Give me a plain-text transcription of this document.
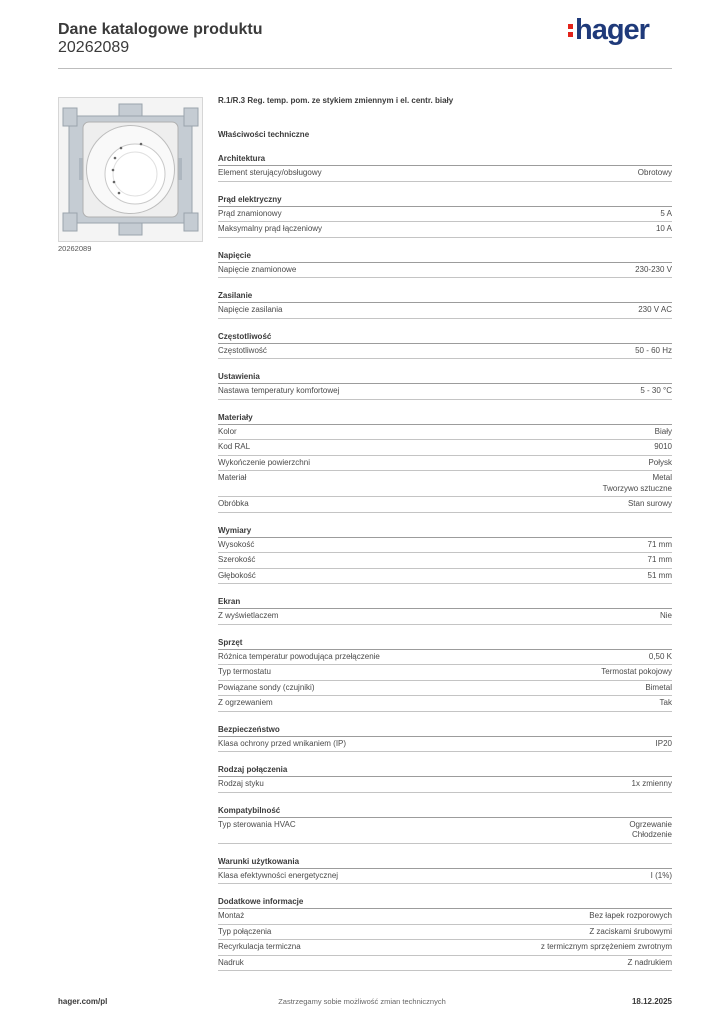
Dane katalogowe produktu
20262089
hager
20262089
R.1/R.3 Reg. temp. pom. ze stykiem zmiennym i el. centr. biały
Właściwości techniczne
Architektura
Element sterujący/obsługowy	Obrotowy
Prąd elektryczny
Prąd znamionowy	5 A
Maksymalny prąd łączeniowy	10 A
Napięcie
Napięcie znamionowe	230-230 V
Zasilanie
Napięcie zasilania	230 V AC
Częstotliwość
Częstotliwość	50 - 60 Hz
Ustawienia
Nastawa temperatury komfortowej	5 - 30 °C
Materiały
Kolor	Biały
Kod RAL	9010
Wykończenie powierzchni	Połysk
Materiał	Metal
Tworzywo sztuczne
Obróbka	Stan surowy
Wymiary
Wysokość	71 mm
Szerokość	71 mm
Głębokość	51 mm
Ekran
Z wyświetlaczem	Nie
Sprzęt
Różnica temperatur powodująca przełączenie	0,50 K
Typ termostatu	Termostat pokojowy
Powiązane sondy (czujniki)	Bimetal
Z ogrzewaniem	Tak
Bezpieczeństwo
Klasa ochrony przed wnikaniem (IP)	IP20
Rodzaj połączenia
Rodzaj styku	1x zmienny
Kompatybilność
Typ sterowania HVAC	Ogrzewanie
Chłodzenie
Warunki użytkowania
Klasa efektywności energetycznej	I (1%)
Dodatkowe informacje
Montaż	Bez łapek rozporowych
Typ połączenia	Z zaciskami śrubowymi
Recyrkulacja termiczna	z termicznym sprzężeniem zwrotnym
Nadruk	Z nadrukiem
hager.com/pl	Zastrzegamy sobie możliwość zmian technicznych	18.12.2025
